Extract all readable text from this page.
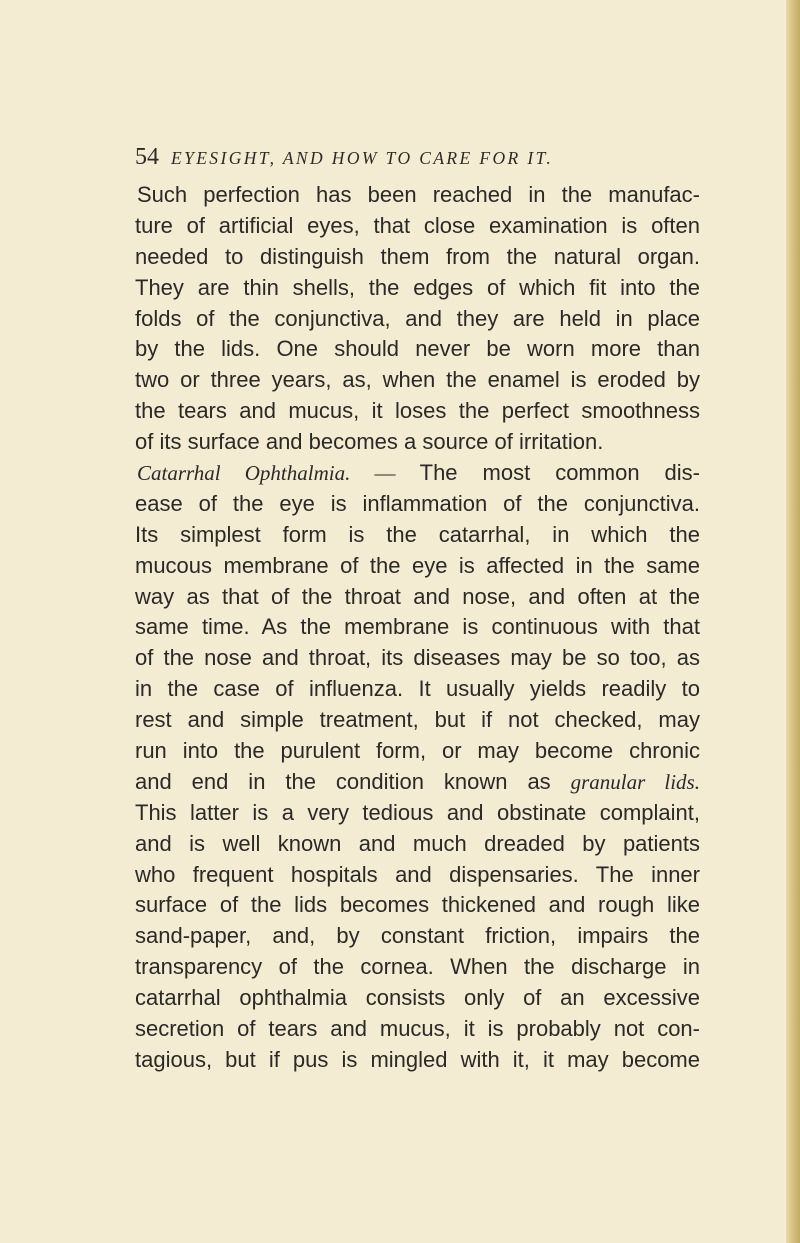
54 EYESIGHT, AND HOW TO CARE FOR IT.
Such perfection has been reached in the manufac-
ture of artificial eyes, that close examination is often
needed to distinguish them from the natural organ.
They are thin shells, the edges of which fit into the
folds of the conjunctiva, and they are held in place
by the lids. One should never be worn more than
two or three years, as, when the enamel is eroded by
the tears and mucus, it loses the perfect smoothness
of its surface and becomes a source of irritation.
Catarrhal Ophthalmia. — The most common dis-
ease of the eye is inflammation of the conjunctiva.
Its simplest form is the catarrhal, in which the
mucous membrane of the eye is affected in the same
way as that of the throat and nose, and often at the
same time. As the membrane is continuous with that
of the nose and throat, its diseases may be so too, as
in the case of influenza. It usually yields readily to
rest and simple treatment, but if not checked, may
run into the purulent form, or may become chronic
and end in the condition known as granular lids.
This latter is a very tedious and obstinate complaint,
and is well known and much dreaded by patients
who frequent hospitals and dispensaries. The inner
surface of the lids becomes thickened and rough like
sand-paper, and, by constant friction, impairs the
transparency of the cornea. When the discharge in
catarrhal ophthalmia consists only of an excessive
secretion of tears and mucus, it is probably not con-
tagious, but if pus is mingled with it, it may become
